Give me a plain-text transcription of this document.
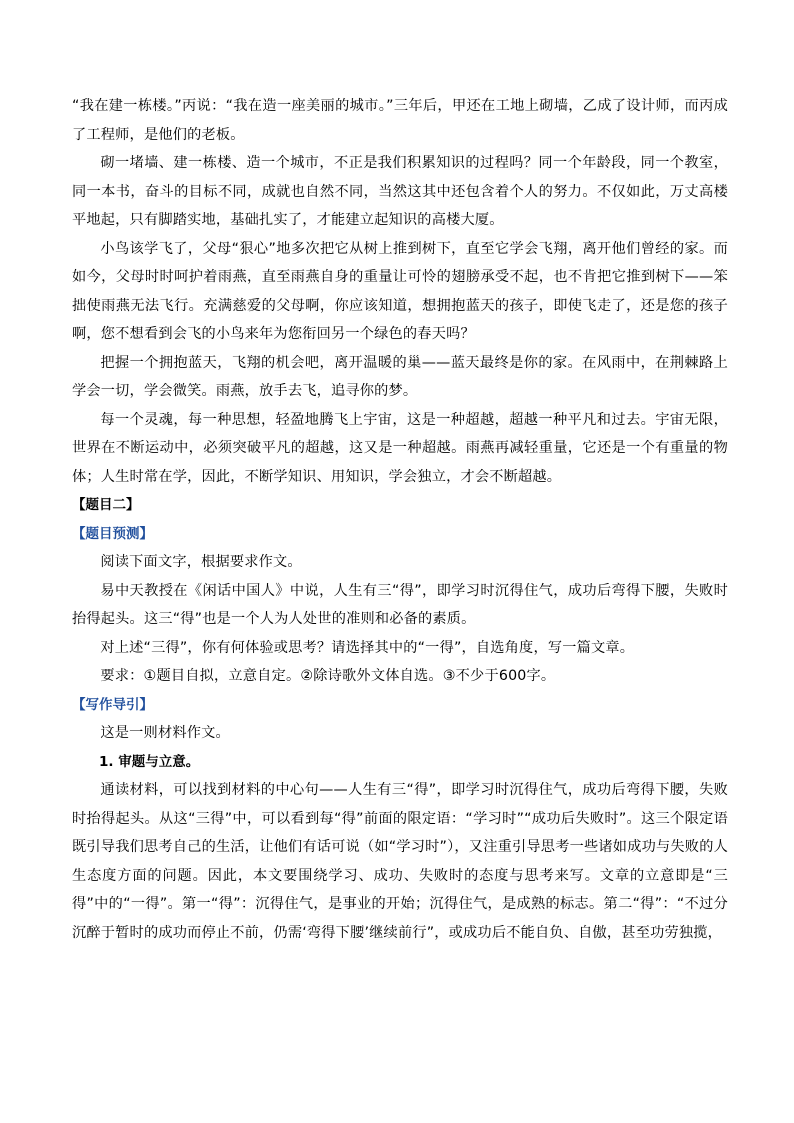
“我在建一栋楼。”丙说：“我在造一座美丽的城市。”三年后，甲还在工地上砌墙，乙成了设计师，而丙成了工程师，是他们的老板。

砌一堵墙、建一栋楼、造一个城市，不正是我们积累知识的过程吗？同一个年龄段，同一个教室，同一本书，奋斗的目标不同，成就也自然不同，当然这其中还包含着个人的努力。不仅如此，万丈高楼平地起，只有脚踏实地，基础扎实了，才能建立起知识的高楼大厦。

小鸟该学飞了，父母“狠心”地多次把它从树上推到树下，直至它学会飞翔，离开他们曾经的家。而如今，父母时时呵护着雨燕，直至雨燕自身的重量让可怜的翅膀承受不起，也不肯把它推到树下——笨拙使雨燕无法飞行。充满慈爱的父母啊，你应该知道，想拥抱蓝天的孩子，即使飞走了，还是您的孩子啊，您不想看到会飞的小鸟来年为您衔回另一个绿色的春天吗？

把握一个拥抱蓝天，飞翔的机会吧，离开温暖的巢——蓝天最终是你的家。在风雨中，在荆棘路上学会一切，学会微笑。雨燕，放手去飞，追寻你的梦。

每一个灵魂，每一种思想，轻盈地腾飞上宇宙，这是一种超越，超越一种平凡和过去。宇宙无限，世界在不断运动中，必须突破平凡的超越，这又是一种超越。雨燕再减轻重量，它还是一个有重量的物体；人生时常在学，因此，不断学知识、用知识，学会独立，才会不断超越。

【题目二】

【题目预测】

阅读下面文字，根据要求作文。

易中天教授在《闲话中国人》中说，人生有三“得”，即学习时沉得住气，成功后弯得下腰，失败时抬得起头。这三“得”也是一个人为人处世的准则和必备的素质。

对上述“三得”，你有何体验或思考？请选择其中的“一得”，自选角度，写一篇文章。

要求：①题目自拟，立意自定。②除诗歌外文体自选。③不少于600字。

【写作导引】

这是一则材料作文。

1. 审题与立意。

通读材料，可以找到材料的中心句——人生有三“得”，即学习时沉得住气，成功后弯得下腰，失败时抬得起头。从这“三得”中，可以看到每“得”前面的限定语：“学习时”“成功后失败时”。这三个限定语既引导我们思考自己的生活，让他们有话可说（如“学习时”），又注重引导思考一些诸如成功与失败的人生态度方面的问题。因此，本文要围绕学习、成功、失败时的态度与思考来写。文章的立意即是“三得”中的“一得”。第一“得”：沉得住气，是事业的开始；沉得住气，是成熟的标志。第二“得”：“不过分沉醉于暂时的成功而停止不前，仍需‘弯得下腰’继续前行”，或成功后不能自负、自傲，甚至功劳独揽，
